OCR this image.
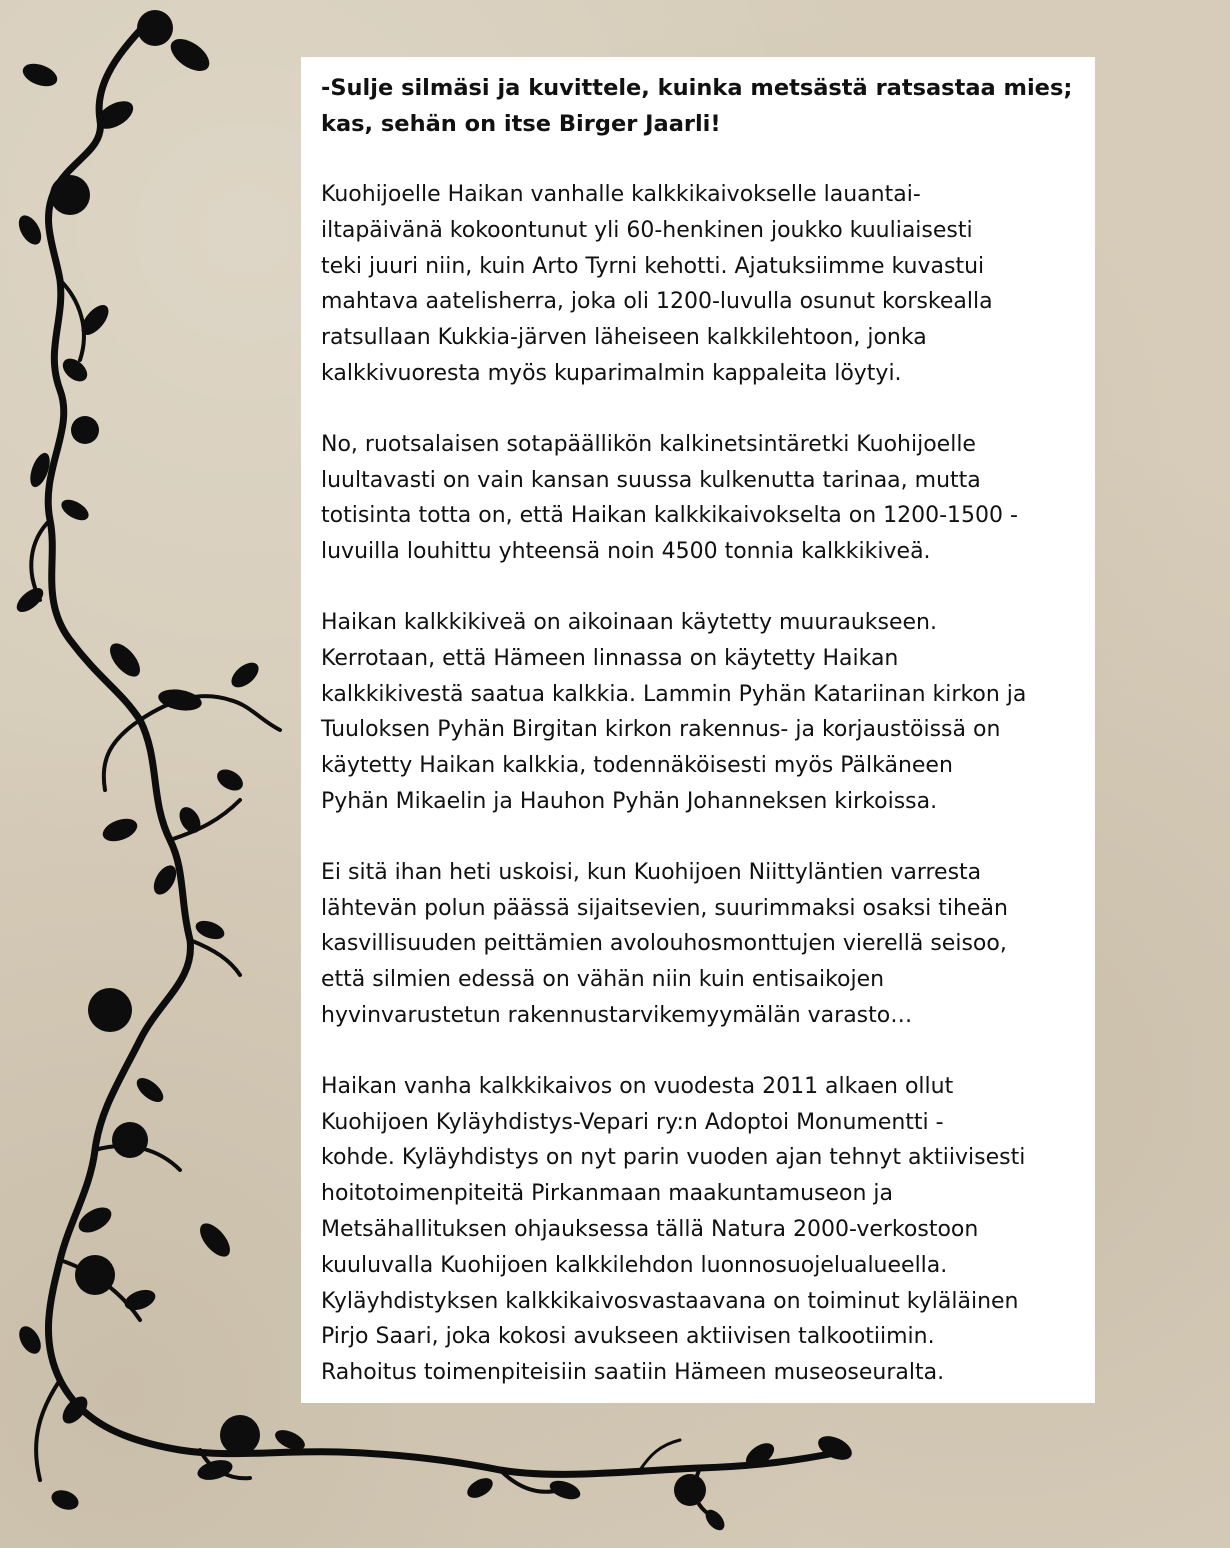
-Sulje silmäsi ja kuvittele, kuinka metsästä ratsastaa mies;
kas, sehän on itse Birger Jaarli!

Kuohijoelle Haikan vanhalle kalkkikaivokselle lauantai-
iltapäivänä kokoontunut yli 60-henkinen joukko kuuliaisesti
teki juuri niin, kuin Arto Tyrni kehotti. Ajatuksiimme kuvastui
mahtava aatelisherra, joka oli 1200-luvulla osunut korskealla
ratsullaan Kukkia-järven läheiseen kalkkilehtoon, jonka
kalkkivuoresta myös kuparimalmin kappaleita löytyi.

No, ruotsalaisen sotapäällikön kalkinetsintäretki Kuohijoelle
luultavasti on vain kansan suussa kulkenutta tarinaa, mutta
totisinta totta on, että Haikan kalkkikaivokselta on 1200-1500 -
luvuilla louhittu yhteensä noin 4500 tonnia kalkkikiveä.

Haikan kalkkikiveä on aikoinaan käytetty muuraukseen.
Kerrotaan, että Hämeen linnassa on käytetty Haikan
kalkkikivestä saatua kalkkia. Lammin Pyhän Katariinan kirkon ja
Tuuloksen Pyhän Birgitan kirkon rakennus- ja korjaustöissä on
käytetty Haikan kalkkia, todennäköisesti myös Pälkäneen
Pyhän Mikaelin ja Hauhon Pyhän Johanneksen kirkoissa.

Ei sitä ihan heti uskoisi, kun Kuohijoen Niittyläntien varresta
lähtevän polun päässä sijaitsevien, suurimmaksi osaksi tiheän
kasvillisuuden peittämien avolouhosmonttujen vierellä seisoo,
että silmien edessä on vähän niin kuin entisaikojen
hyvinvarustetun rakennustarvikemyymälän varasto…

Haikan vanha kalkkikaivos on vuodesta 2011 alkaen ollut
Kuohijoen Kyläyhdistys-Vepari ry:n Adoptoi Monumentti -
kohde. Kyläyhdistys on nyt parin vuoden ajan tehnyt aktiivisesti
hoitotoimenpiteitä Pirkanmaan maakuntamuseon ja
Metsähallituksen ohjauksessa tällä Natura 2000-verkostoon
kuuluvalla Kuohijoen kalkkilehdon luonnosuojelualueella.
Kyläyhdistyksen kalkkikaivosvastaavana on toiminut kyläläinen
Pirjo Saari, joka kokosi avukseen aktiivisen talkootiimin.
Rahoitus toimenpiteisiin saatiin Hämeen museoseuralta.
